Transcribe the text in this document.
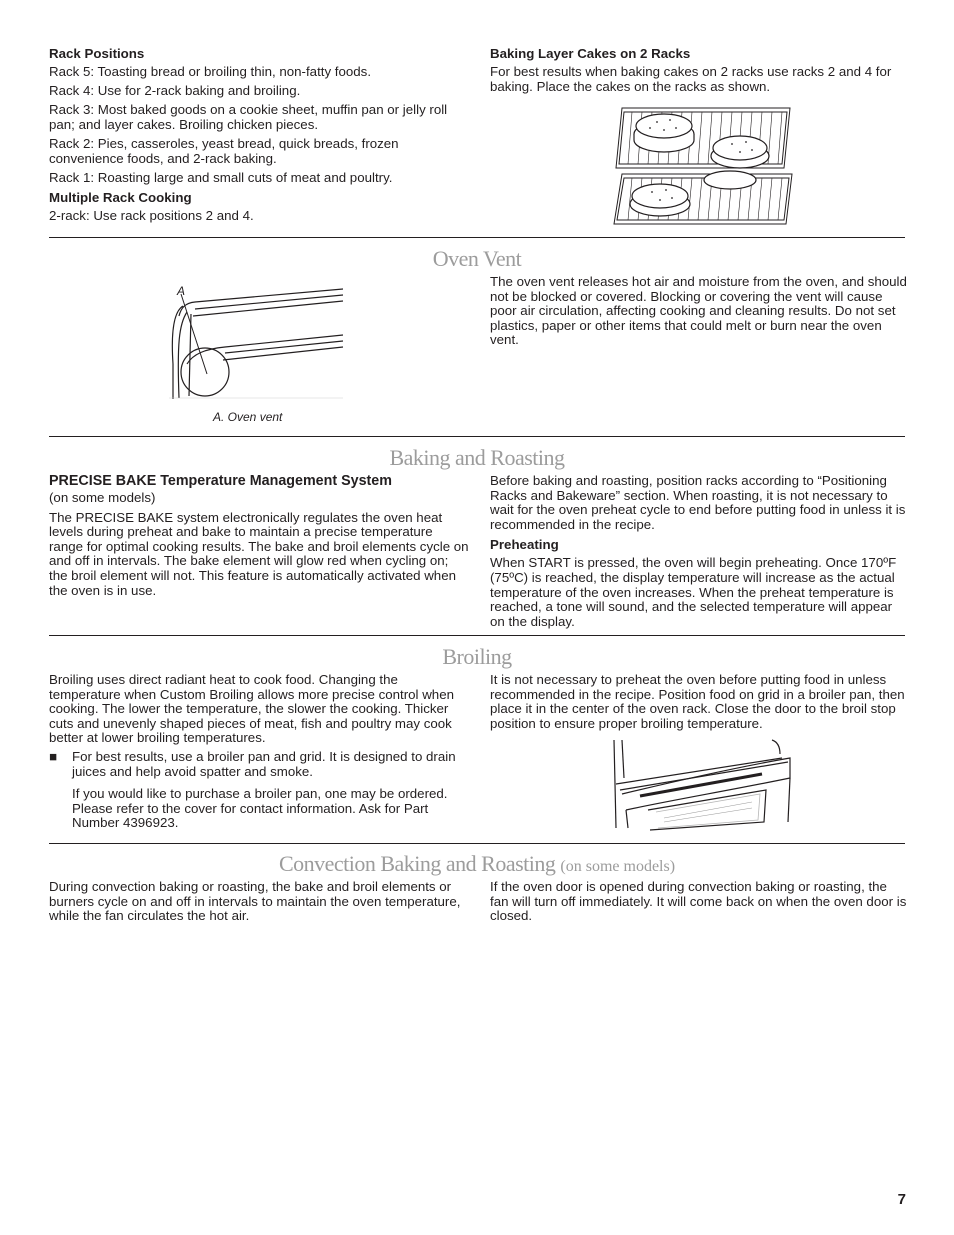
Rack Positions

Rack 5: Toasting bread or broiling thin, non-fatty foods.

Rack 4: Use for 2-rack baking and broiling.

Rack 3: Most baked goods on a cookie sheet, muffin pan or jelly roll pan; and layer cakes. Broiling chicken pieces.

Rack 2: Pies, casseroles, yeast bread, quick breads, frozen convenience foods, and 2-rack baking.

Rack 1: Roasting large and small cuts of meat and poultry.

Multiple Rack Cooking

2-rack: Use rack positions 2 and 4.

Baking Layer Cakes on 2 Racks

For best results when baking cakes on 2 racks use racks 2 and 4 for baking. Place the cakes on the racks as shown.

Oven Vent
A
A. Oven vent

The oven vent releases hot air and moisture from the oven, and should not be blocked or covered. Blocking or covering the vent will cause poor air circulation, affecting cooking and cleaning results. Do not set plastics, paper or other items that could melt or burn near the oven vent.

Baking and Roasting

PRECISE BAKE Temperature Management System

(on some models)

The PRECISE BAKE system electronically regulates the oven heat levels during preheat and bake to maintain a precise temperature range for optimal cooking results. The bake and broil elements cycle on and off in intervals. The bake element will glow red when cycling on; the broil element will not. This feature is automatically activated when the oven is in use.

Before baking and roasting, position racks according to “Positioning Racks and Bakeware” section. When roasting, it is not necessary to wait for the oven preheat cycle to end before putting food in unless it is recommended in the recipe.

Preheating

When START is pressed, the oven will begin preheating. Once 170ºF (75ºC) is reached, the display temperature will increase as the actual temperature of the oven increases. When the preheat temperature is reached, a tone will sound, and the selected temperature will appear on the display.

Broiling

Broiling uses direct radiant heat to cook food. Changing the temperature when Custom Broiling allows more precise control when cooking. The lower the temperature, the slower the cooking. Thicker cuts and unevenly shaped pieces of meat, fish and poultry may cook better at lower broiling temperatures.

■ For best results, use a broiler pan and grid. It is designed to drain juices and help avoid spatter and smoke.

If you would like to purchase a broiler pan, one may be ordered. Please refer to the cover for contact information. Ask for Part Number 4396923.

It is not necessary to preheat the oven before putting food in unless recommended in the recipe. Position food on grid in a broiler pan, then place it in the center of the oven rack. Close the door to the broil stop position to ensure proper broiling temperature.

Convection Baking and Roasting (on some models)

During convection baking or roasting, the bake and broil elements or burners cycle on and off in intervals to maintain the oven temperature, while the fan circulates the hot air.

If the oven door is opened during convection baking or roasting, the fan will turn off immediately. It will come back on when the oven door is closed.

7
